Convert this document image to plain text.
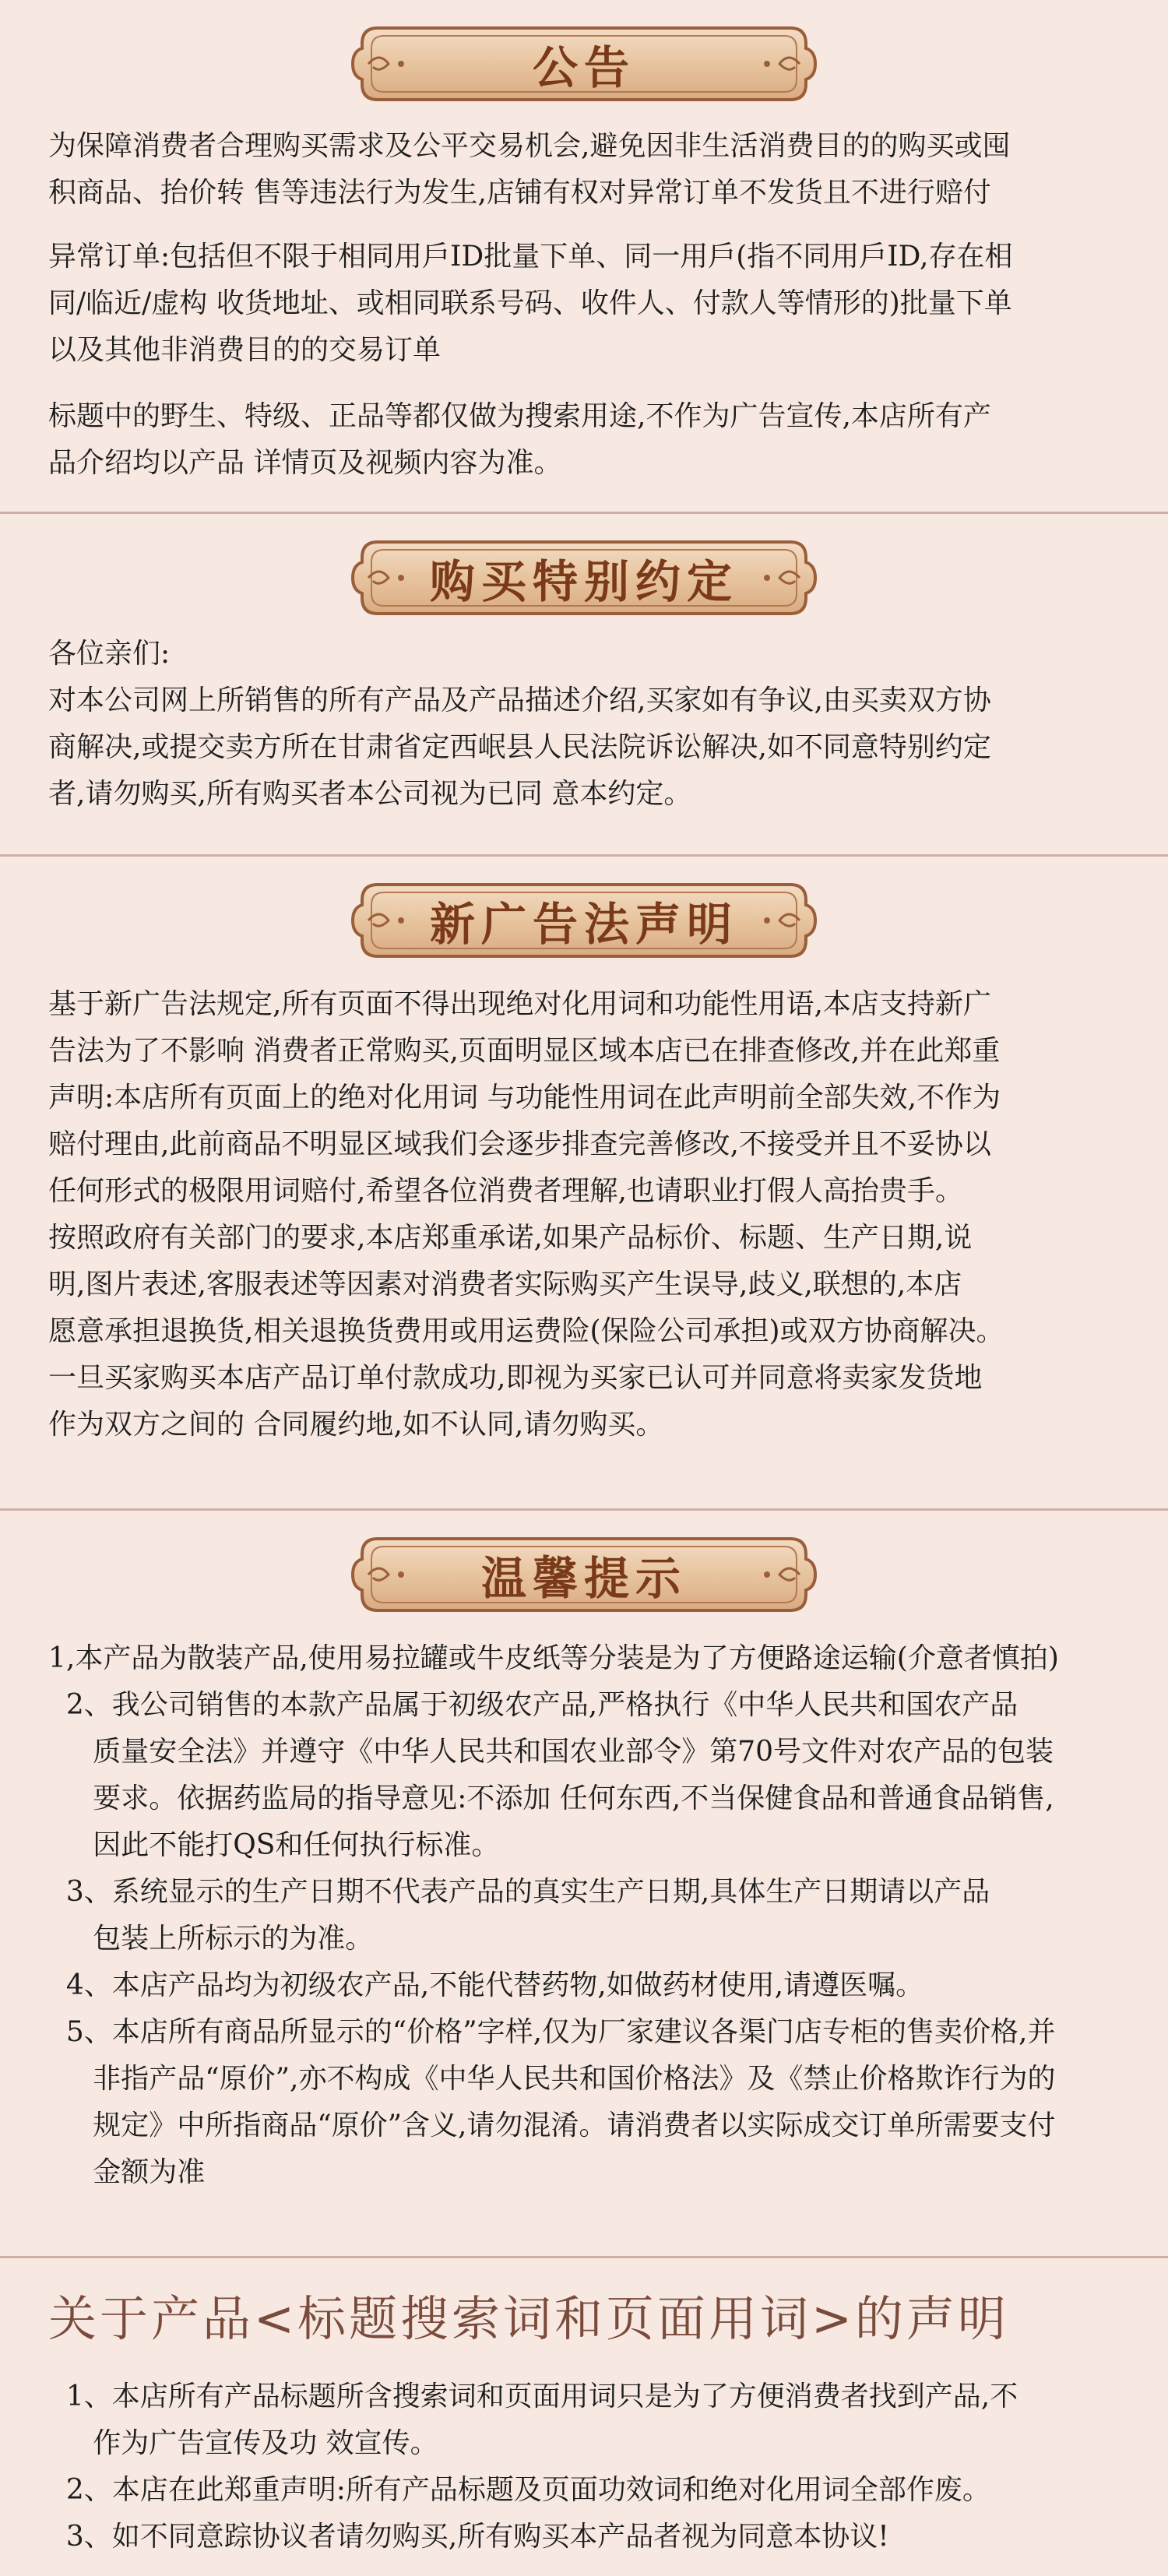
公告
为保障消费者合理购买需求及公平交易机会,避免因非生活消费目的的购买或囤
积商品、抬价转 售等违法行为发生,店铺有权对异常订单不发货且不进行赔付
异常订单:包括但不限于相同用戶ID批量下单、同一用戶(指不同用戶ID,存在相
同/临近/虚构 收货地址、或相同联系号码、收件人、付款人等情形的)批量下单
以及其他非消费目的的交易订单
标题中的野生、特级、正品等都仅做为搜索用途,不作为广告宣传,本店所有产
品介绍均以产品 详情页及视频内容为准。
购买特别约定
各位亲们:
对本公司网上所销售的所有产品及产品描述介绍,买家如有争议,由买卖双方协
商解决,或提交卖方所在甘肃省定西岷县人民法院诉讼解决,如不同意特别约定
者,请勿购买,所有购买者本公司视为已同 意本约定。
新广告法声明
基于新广告法规定,所有页面不得出现绝对化用词和功能性用语,本店支持新广
告法为了不影响 消费者正常购买,页面明显区域本店已在排查修改,并在此郑重
声明:本店所有页面上的绝对化用词 与功能性用词在此声明前全部失效,不作为
赔付理由,此前商品不明显区域我们会逐步排查完善修改,不接受并且不妥协以
任何形式的极限用词赔付,希望各位消费者理解,也请职业打假人高抬贵手。
按照政府有关部门的要求,本店郑重承诺,如果产品标价、标题、生产日期,说
明,图片表述,客服表述等因素对消费者实际购买产生误导,歧义,联想的,本店
愿意承担退换货,相关退换货费用或用运费险(保险公司承担)或双方协商解决。
一旦买家购买本店产品订单付款成功,即视为买家已认可并同意将卖家发货地
作为双方之间的 合同履约地,如不认同,请勿购买。
温馨提示
1,本产品为散装产品,使用易拉罐或牛皮纸等分装是为了方便路途运输(介意者慎拍)
2、我公司销售的本款产品属于初级农产品,严格执行《中华人民共和国农产品
质量安全法》并遵守《中华人民共和国农业部令》第70号文件对农产品的包装
要求。依据药监局的指导意见:不添加 任何东西,不当保健食品和普通食品销售,
因此不能打QS和任何执行标准。
3、系统显示的生产日期不代表产品的真实生产日期,具体生产日期请以产品
包装上所标示的为准。
4、本店产品均为初级农产品,不能代替药物,如做药材使用,请遵医嘱。
5、本店所有商品所显示的“价格”字样,仅为厂家建议各渠门店专柜的售卖价格,并
非指产品“原价”,亦不构成《中华人民共和国价格法》及《禁止价格欺诈行为的
规定》中所指商品“原价”含义,请勿混淆。请消费者以实际成交订单所需要支付
金额为准
关于产品<标题搜索词和页面用词>的声明
1、本店所有产品标题所含搜索词和页面用词只是为了方便消费者找到产品,不
作为广告宣传及功 效宣传。
2、本店在此郑重声明:所有产品标题及页面功效词和绝对化用词全部作废。
3、如不同意踪协议者请勿购买,所有购买本产品者视为同意本协议!
